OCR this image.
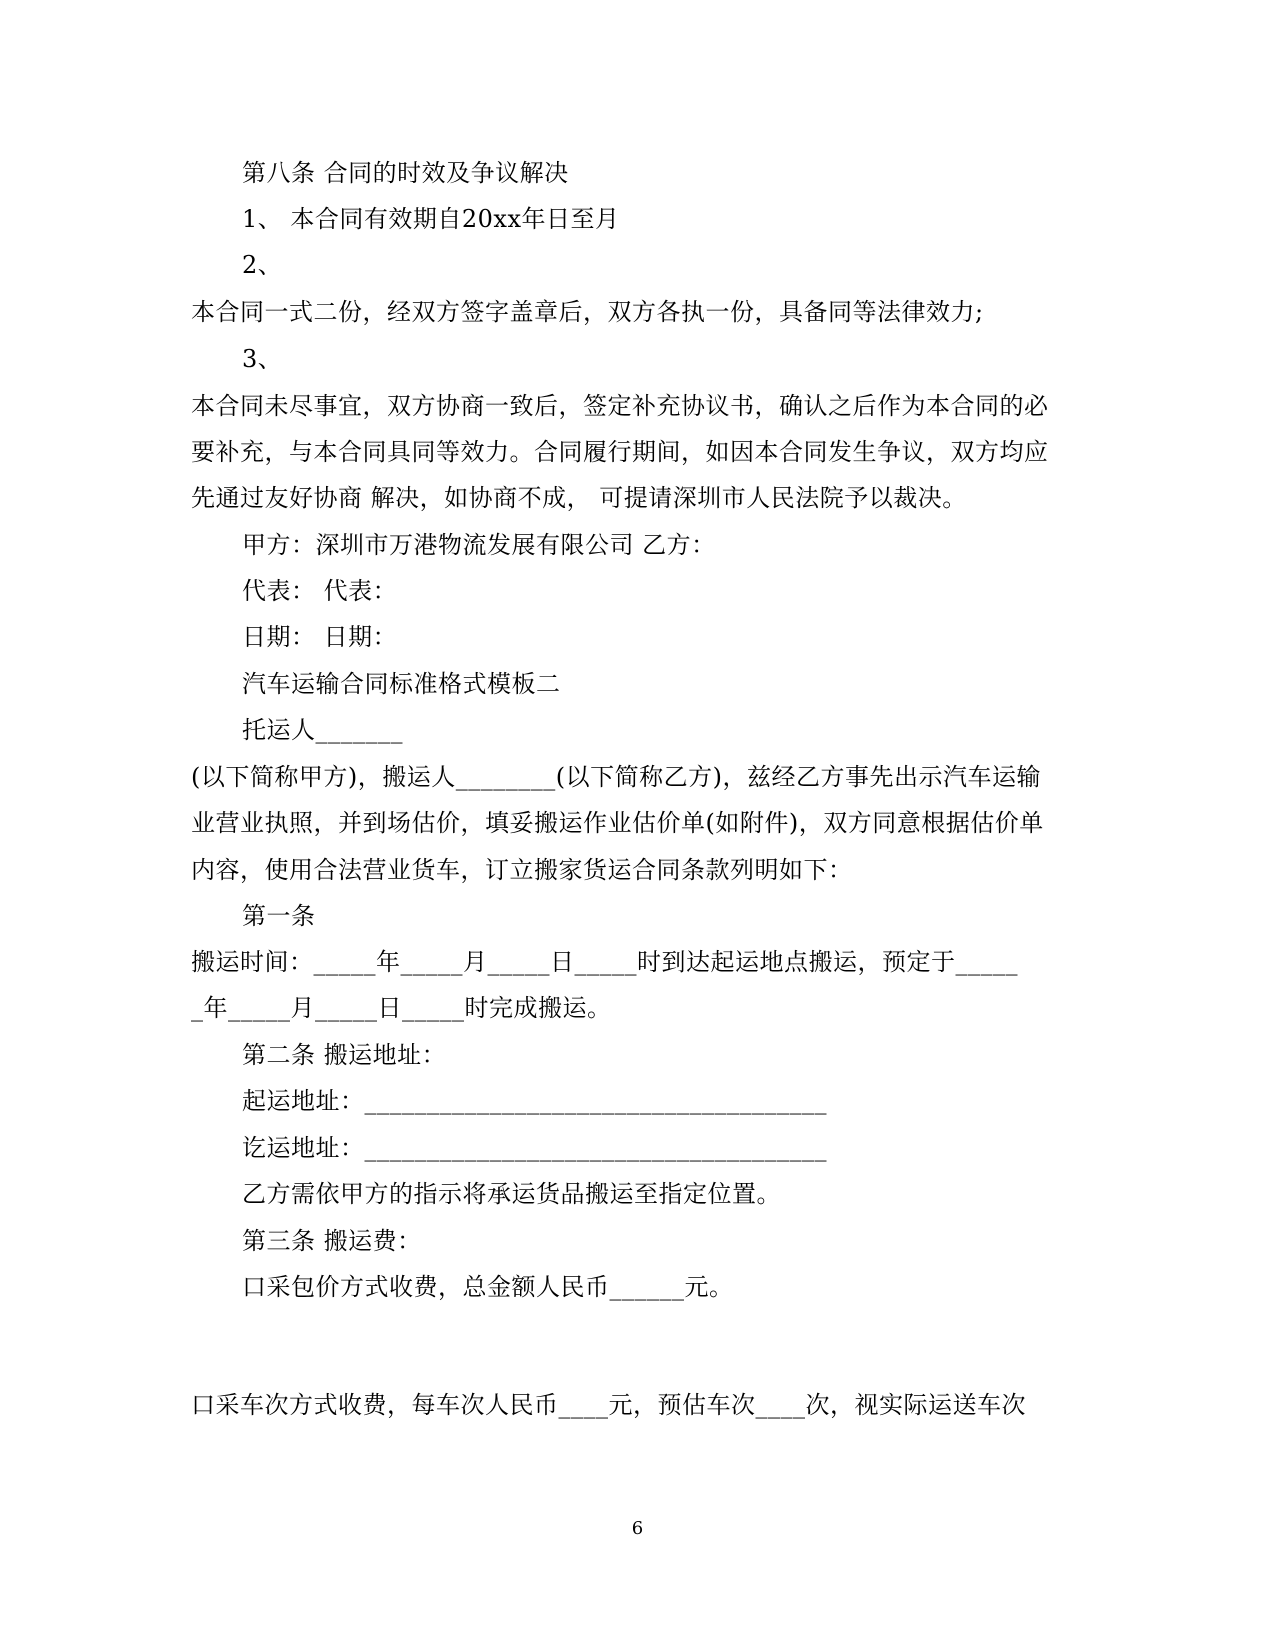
第八条 合同的时效及争议解决
1、 本合同有效期自20xx年日至月
2、
本合同一式二份，经双方签字盖章后，双方各执一份，具备同等法律效力;
3、
本合同未尽事宜，双方协商一致后，签定补充协议书，确认之后作为本合同的必
要补充，与本合同具同等效力。合同履行期间，如因本合同发生争议，双方均应
先通过友好协商 解决，如协商不成， 可提请深圳市人民法院予以裁决。
甲方：深圳市万港物流发展有限公司 乙方：
代表： 代表：
日期： 日期：
汽车运输合同标准格式模板二
托运人_______
(以下简称甲方)，搬运人________(以下简称乙方)，兹经乙方事先出示汽车运输
业营业执照，并到场估价，填妥搬运作业估价单(如附件)，双方同意根据估价单
内容，使用合法营业货车，订立搬家货运合同条款列明如下：
第一条
搬运时间：_____年_____月_____日_____时到达起运地点搬运，预定于_____
_年_____月_____日_____时完成搬运。
第二条 搬运地址：
起运地址：_____________________________________
讫运地址：_____________________________________
乙方需依甲方的指示将承运货品搬运至指定位置。
第三条 搬运费：
口采包价方式收费，总金额人民币______元。
口采车次方式收费，每车次人民币____元，预估车次____次，视实际运送车次
6
